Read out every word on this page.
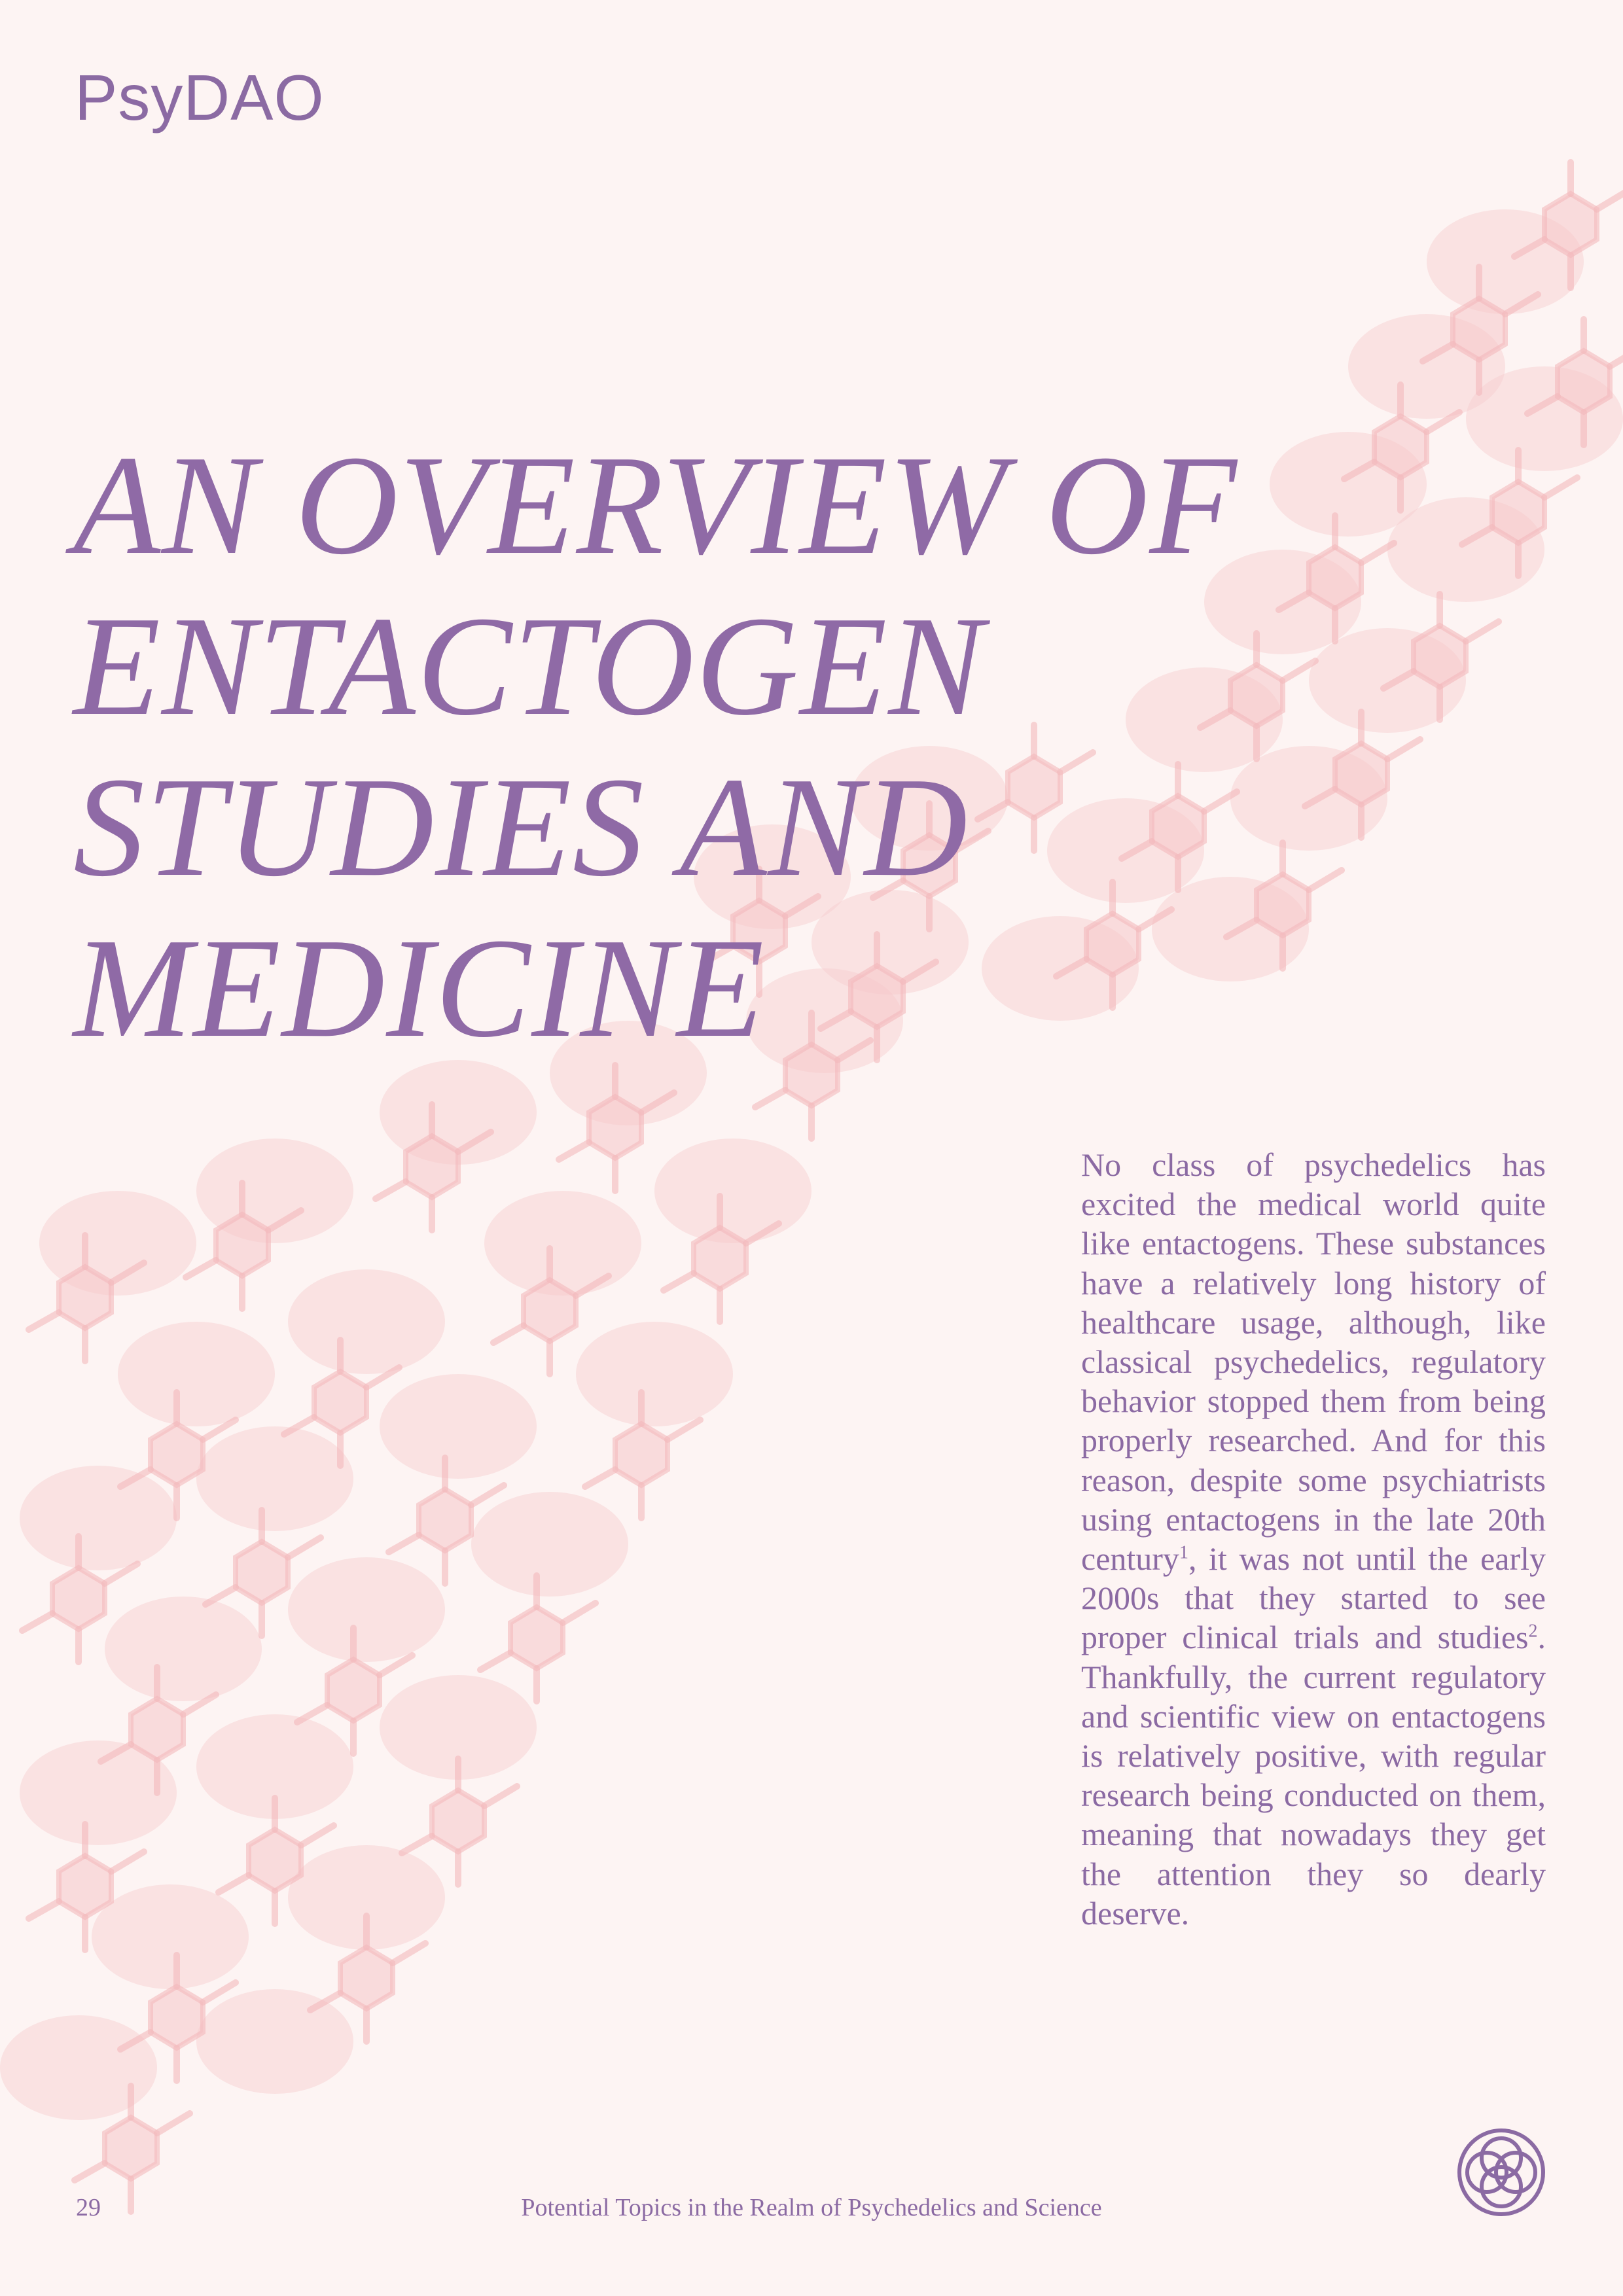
PsyDAO
AN OVERVIEW OF
ENTACTOGEN
STUDIES AND
MEDICINE

No class of psychedelics has excited the medical world quite like entactogens. These substances have a relatively long history of healthcare usage, although, like classical psychedelics, regulatory behavior stopped them from being properly researched. And for this reason, despite some psychiatrists using entactogens in the late 20th century$^1$, it was not until the early 2000s that they started to see proper clinical trials and studies$^2$. Thankfully, the current regulatory and scientific view on entactogens is relatively positive, with regular research being conducted on them, meaning that nowadays they get the attention they so dearly deserve.

29	Potential Topics in the Realm of Psychedelics and Science
